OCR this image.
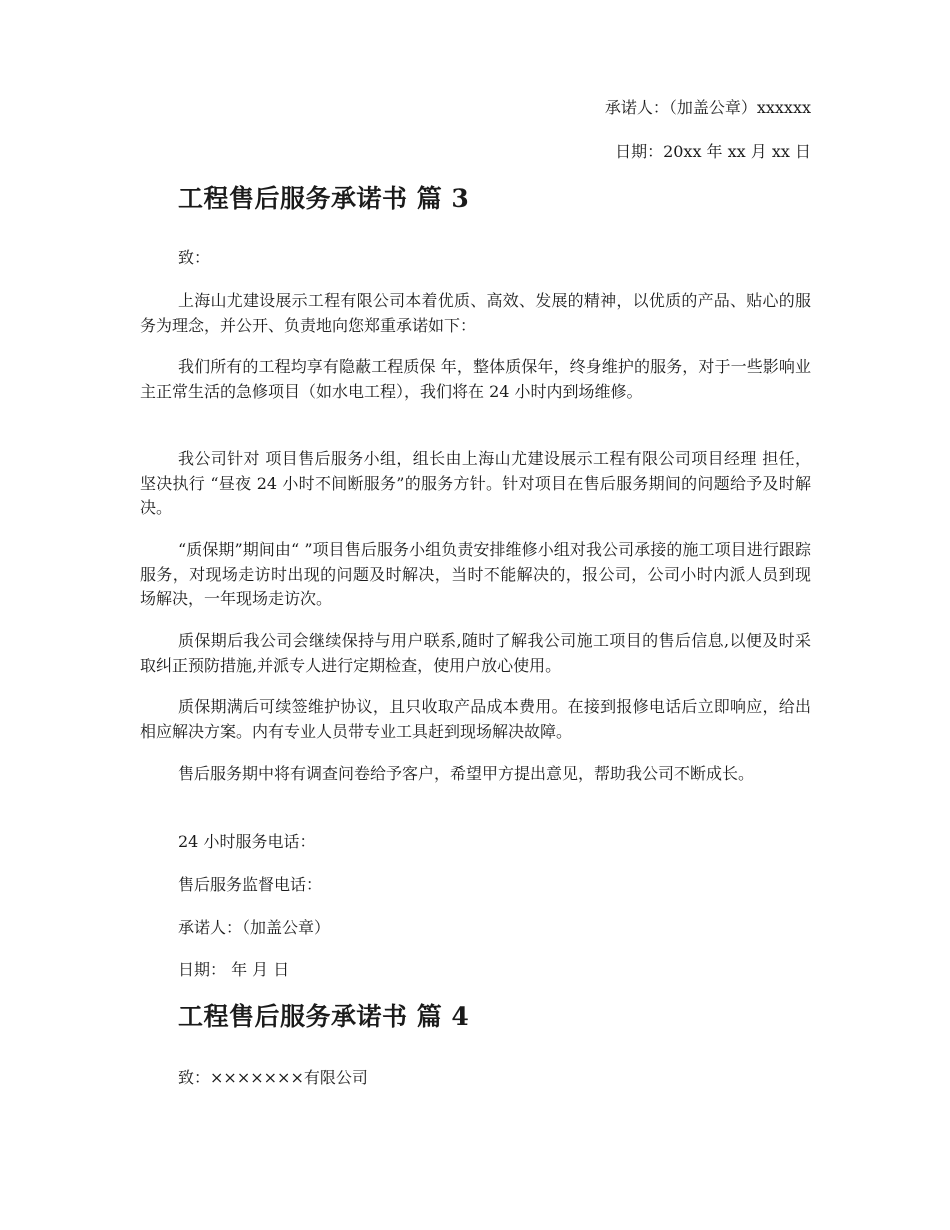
承诺人：（加盖公章）xxxxxx
日期：20xx 年 xx 月 xx 日
工程售后服务承诺书 篇 3
致：

上海山尤建设展示工程有限公司本着优质、高效、发展的精神，以优质的产品、贴心的服务为理念，并公开、负责地向您郑重承诺如下：

我们所有的工程均享有隐蔽工程质保 年，整体质保年，终身维护的服务，对于一些影响业主正常生活的急修项目（如水电工程），我们将在 24 小时内到场维修。

我公司针对 项目售后服务小组，组长由上海山尤建设展示工程有限公司项目经理 担任，坚决执行 “昼夜 24 小时不间断服务”的服务方针。针对项目在售后服务期间的问题给予及时解决。

“质保期”期间由“ ”项目售后服务小组负责安排维修小组对我公司承接的施工项目进行跟踪服务，对现场走访时出现的问题及时解决，当时不能解决的，报公司，公司小时内派人员到现场解决，一年现场走访次。

质保期后我公司会继续保持与用户联系,随时了解我公司施工项目的售后信息,以便及时采取纠正预防措施,并派专人进行定期检查，使用户放心使用。

质保期满后可续签维护协议，且只收取产品成本费用。在接到报修电话后立即响应，给出相应解决方案。内有专业人员带专业工具赶到现场解决故障。

售后服务期中将有调查问卷给予客户，希望甲方提出意见，帮助我公司不断成长。

24 小时服务电话：
售后服务监督电话：
承诺人：（加盖公章）
日期： 年 月 日
工程售后服务承诺书 篇 4
致：×××××××有限公司
